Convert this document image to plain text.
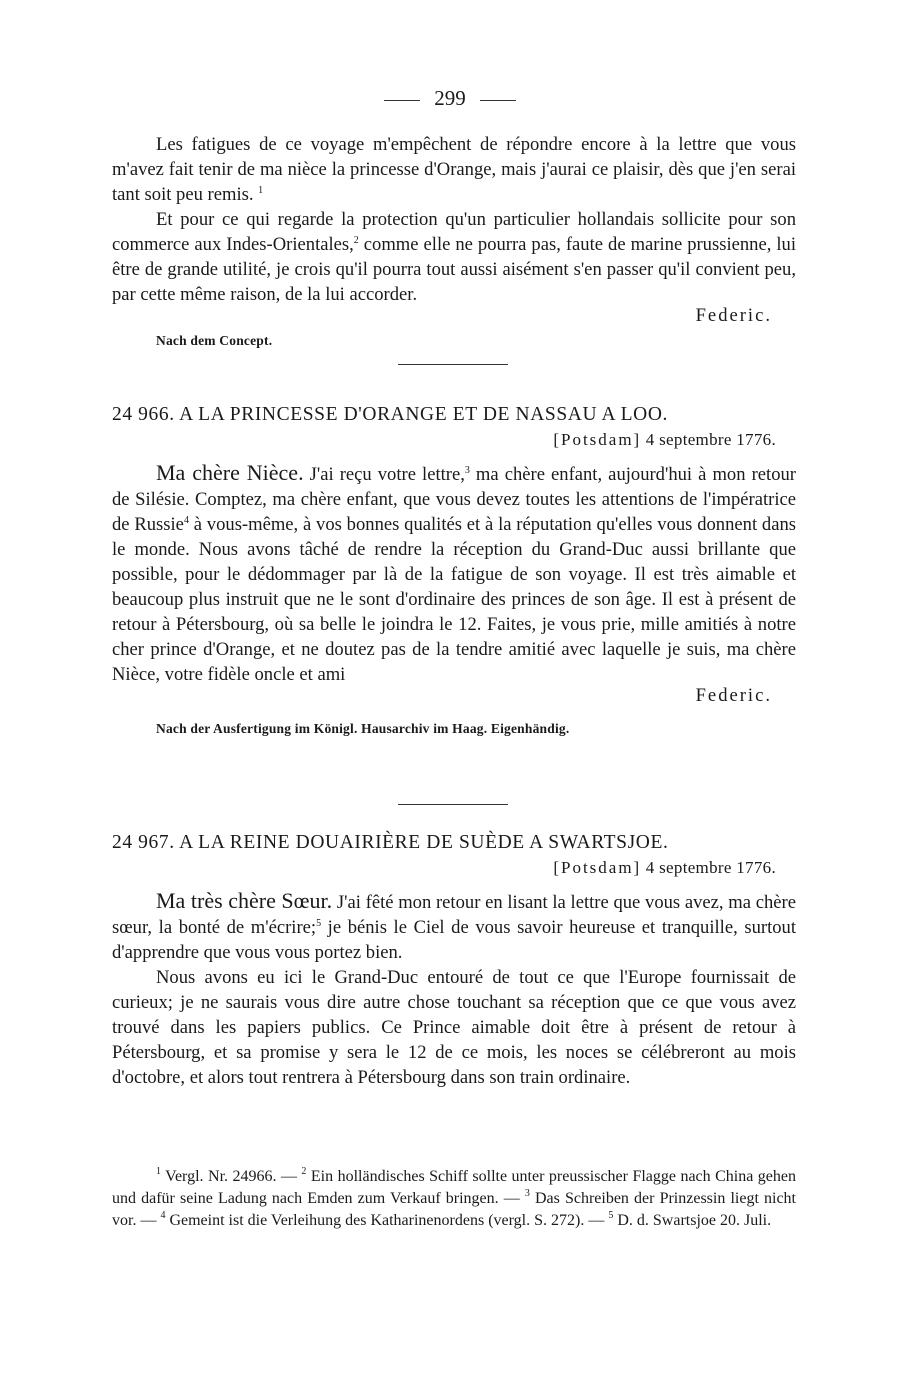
299

Les fatigues de ce voyage m'empêchent de répondre encore à la lettre que vous m'avez fait tenir de ma nièce la princesse d'Orange, mais j'aurai ce plaisir, dès que j'en serai tant soit peu remis. $^1$

Et pour ce qui regarde la protection qu'un particulier hollandais sollicite pour son commerce aux Indes-Orientales,$^2$ comme elle ne pourra pas, faute de marine prussienne, lui être de grande utilité, je crois qu'il pourra tout aussi aisément s'en passer qu'il convient peu, par cette même raison, de la lui accorder.

Federic.

Nach dem Concept.

24 966. A LA PRINCESSE D'ORANGE ET DE NASSAU A LOO.

[Potsdam] 4 septembre 1776.

Ma chère Nièce. J'ai reçu votre lettre,$^3$ ma chère enfant, aujourd'hui à mon retour de Silésie. Comptez, ma chère enfant, que vous devez toutes les attentions de l'impératrice de Russie$^4$ à vous-même, à vos bonnes qualités et à la réputation qu'elles vous donnent dans le monde. Nous avons tâché de rendre la réception du Grand-Duc aussi brillante que possible, pour le dédommager par là de la fatigue de son voyage. Il est très aimable et beaucoup plus instruit que ne le sont d'ordinaire des princes de son âge. Il est à présent de retour à Pétersbourg, où sa belle le joindra le 12. Faites, je vous prie, mille amitiés à notre cher prince d'Orange, et ne doutez pas de la tendre amitié avec laquelle je suis, ma chère Nièce, votre fidèle oncle et ami

Federic.

Nach der Ausfertigung im Königl. Hausarchiv im Haag. Eigenhändig.

24 967. A LA REINE DOUAIRIÈRE DE SUÈDE A SWARTSJOE.

[Potsdam] 4 septembre 1776.

Ma très chère Sœur. J'ai fêté mon retour en lisant la lettre que vous avez, ma chère sœur, la bonté de m'écrire;$^5$ je bénis le Ciel de vous savoir heureuse et tranquille, surtout d'apprendre que vous vous portez bien.

Nous avons eu ici le Grand-Duc entouré de tout ce que l'Europe fournissait de curieux; je ne saurais vous dire autre chose touchant sa réception que ce que vous avez trouvé dans les papiers publics. Ce Prince aimable doit être à présent de retour à Pétersbourg, et sa promise y sera le 12 de ce mois, les noces se célébreront au mois d'octobre, et alors tout rentrera à Pétersbourg dans son train ordinaire.

$^1$ Vergl. Nr. 24966. — $^2$ Ein holländisches Schiff sollte unter preussischer Flagge nach China gehen und dafür seine Ladung nach Emden zum Verkauf bringen. — $^3$ Das Schreiben der Prinzessin liegt nicht vor. — $^4$ Gemeint ist die Verleihung des Katharinenordens (vergl. S. 272). — $^5$ D. d. Swartsjoe 20. Juli.
